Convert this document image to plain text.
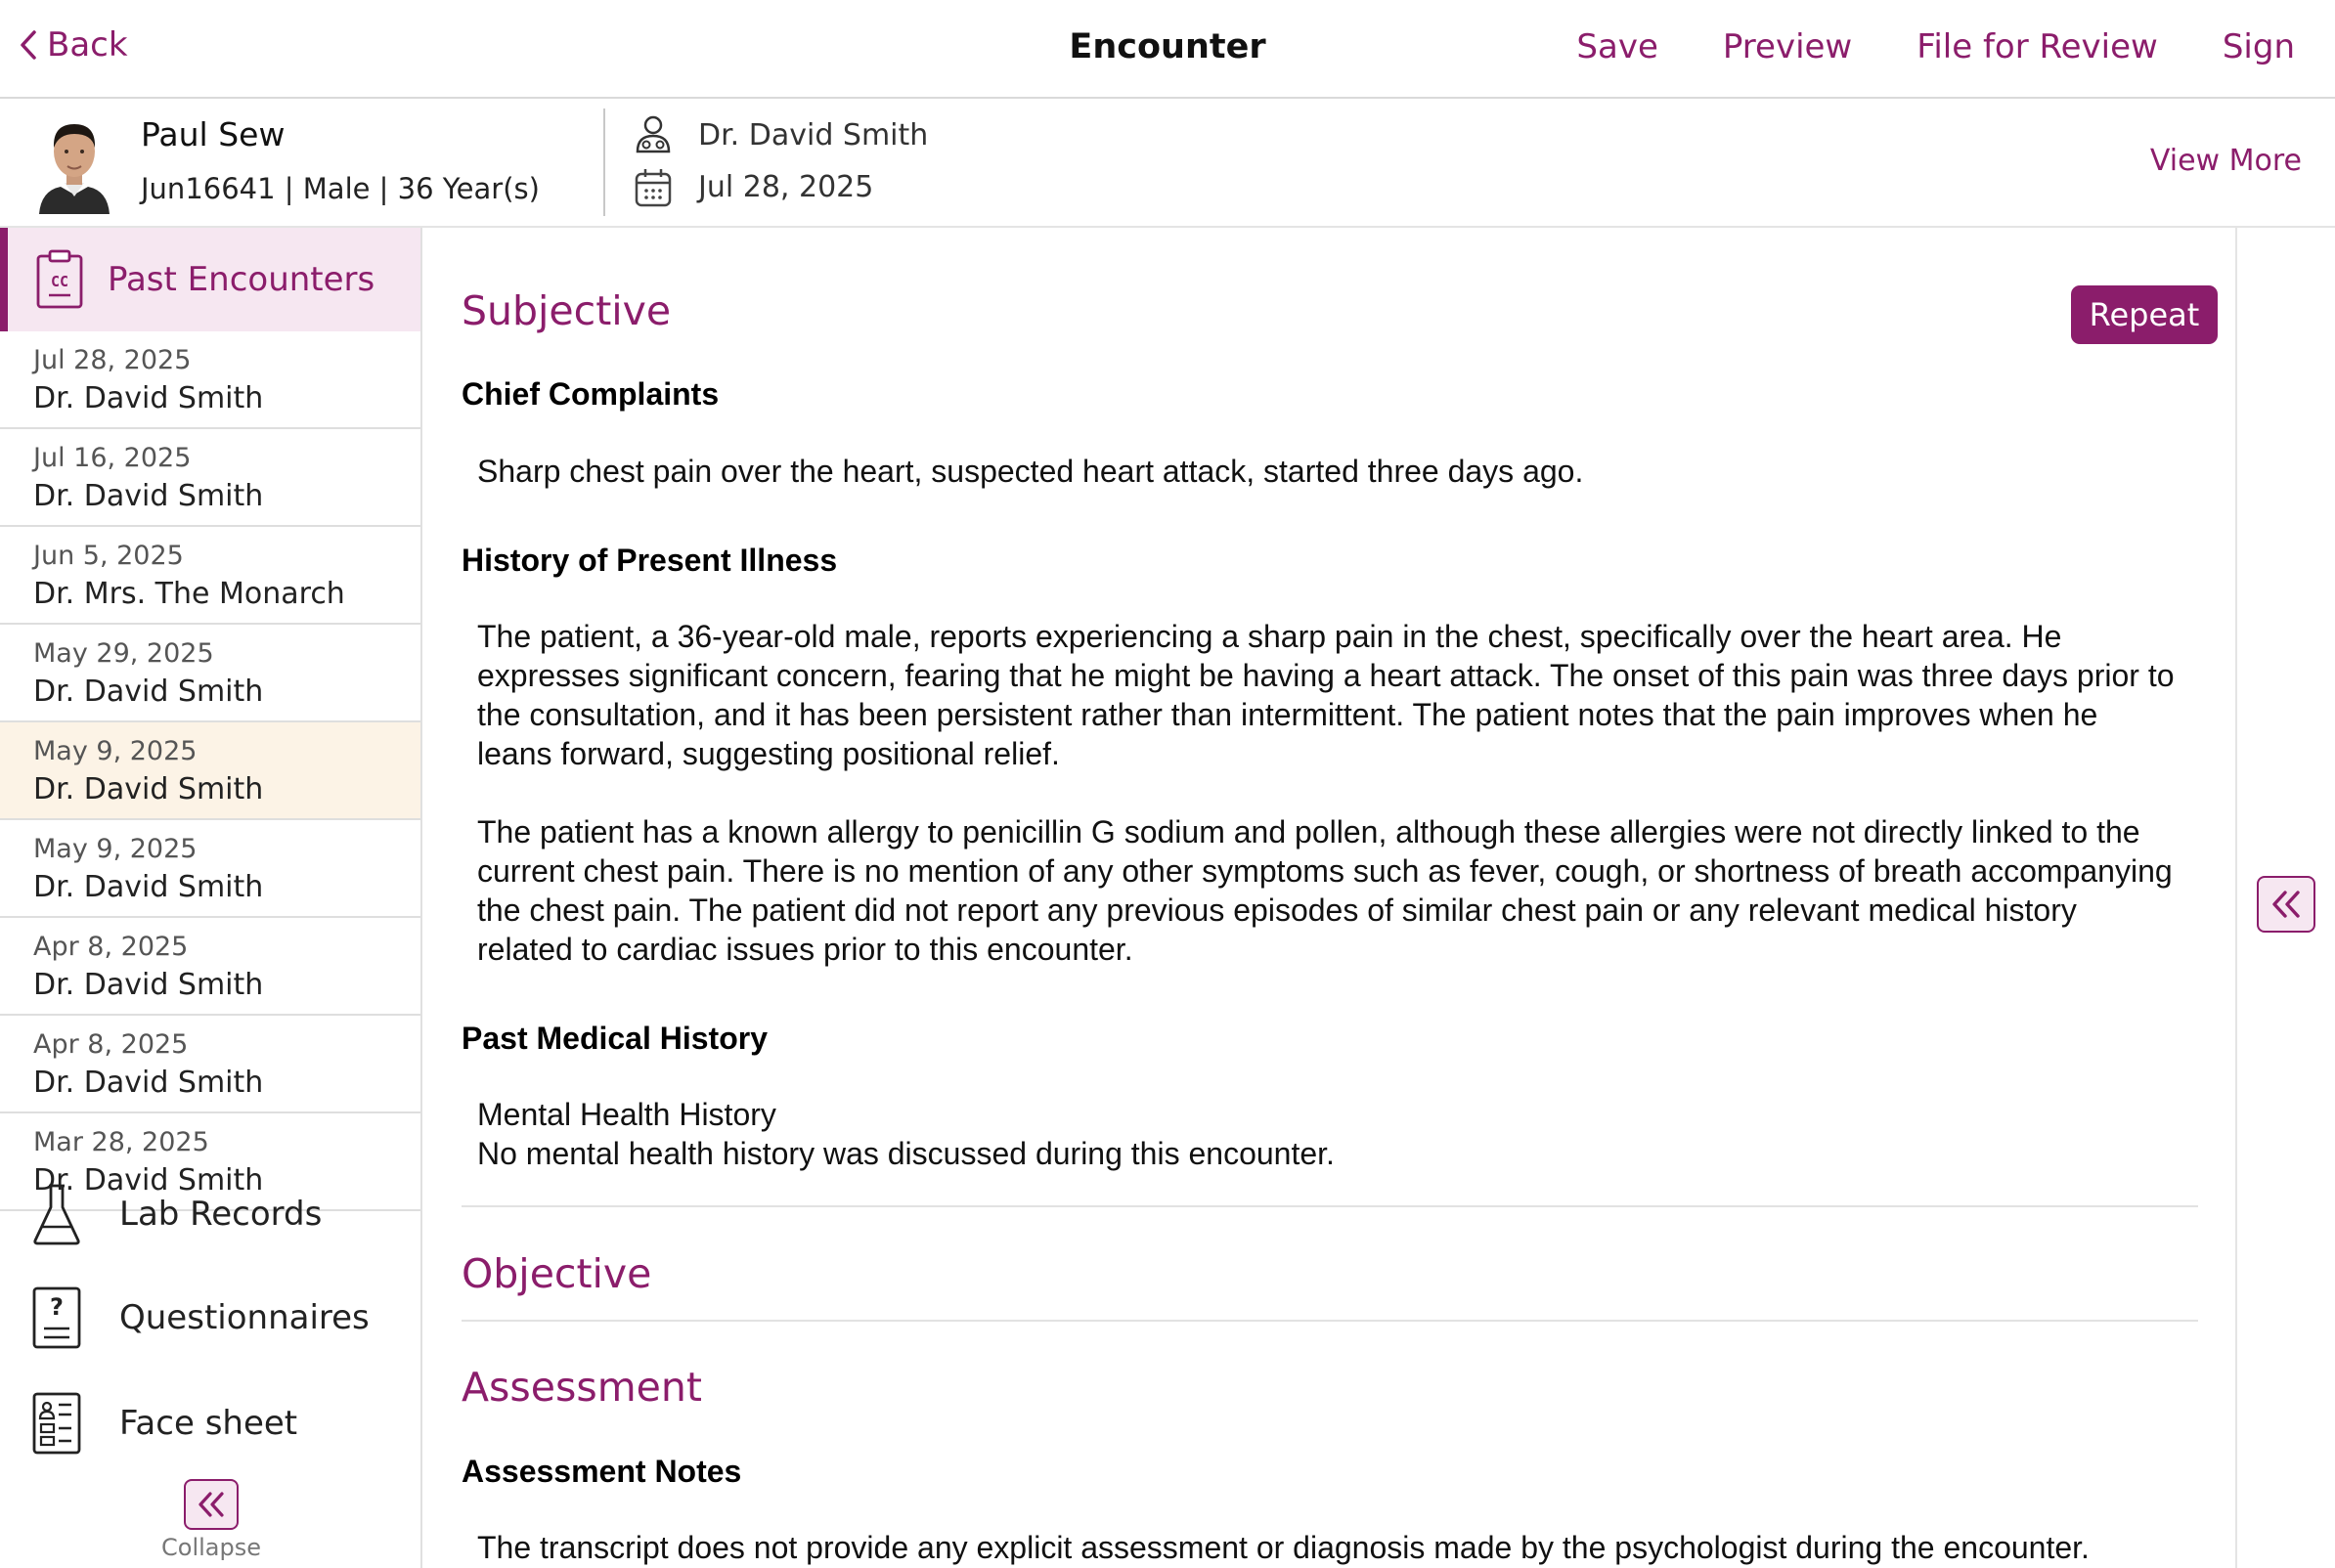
Back	Encounter	Save Preview File for Review Sign
Paul Sew
Jun16641 | Male | 36 Year(s)
Dr. David Smith
Jul 28, 2025
View More
CC Past Encounters
Jul 28, 2025
Dr. David Smith
Jul 16, 2025
Dr. David Smith
Jun 5, 2025
Dr. Mrs. The Monarch
May 29, 2025
Dr. David Smith
May 9, 2025
Dr. David Smith
May 9, 2025
Dr. David Smith
Apr 8, 2025
Dr. David Smith
Apr 8, 2025
Dr. David Smith
Mar 28, 2025
Dr. David Smith
Lab Records
? Questionnaires
Face sheet
Collapse
Subjective	Repeat
Chief Complaints
Sharp chest pain over the heart, suspected heart attack, started three days ago.
History of Present Illness
The patient, a 36-year-old male, reports experiencing a sharp pain in the chest, specifically over the heart area. He expresses significant concern, fearing that he might be having a heart attack. The onset of this pain was three days prior to the consultation, and it has been persistent rather than intermittent. The patient notes that the pain improves when he leans forward, suggesting positional relief.
The patient has a known allergy to penicillin G sodium and pollen, although these allergies were not directly linked to the current chest pain. There is no mention of any other symptoms such as fever, cough, or shortness of breath accompanying the chest pain. The patient did not report any previous episodes of similar chest pain or any relevant medical history related to cardiac issues prior to this encounter.
Past Medical History
Mental Health History
No mental health history was discussed during this encounter.
Objective
Assessment
Assessment Notes
The transcript does not provide any explicit assessment or diagnosis made by the psychologist during the encounter.
